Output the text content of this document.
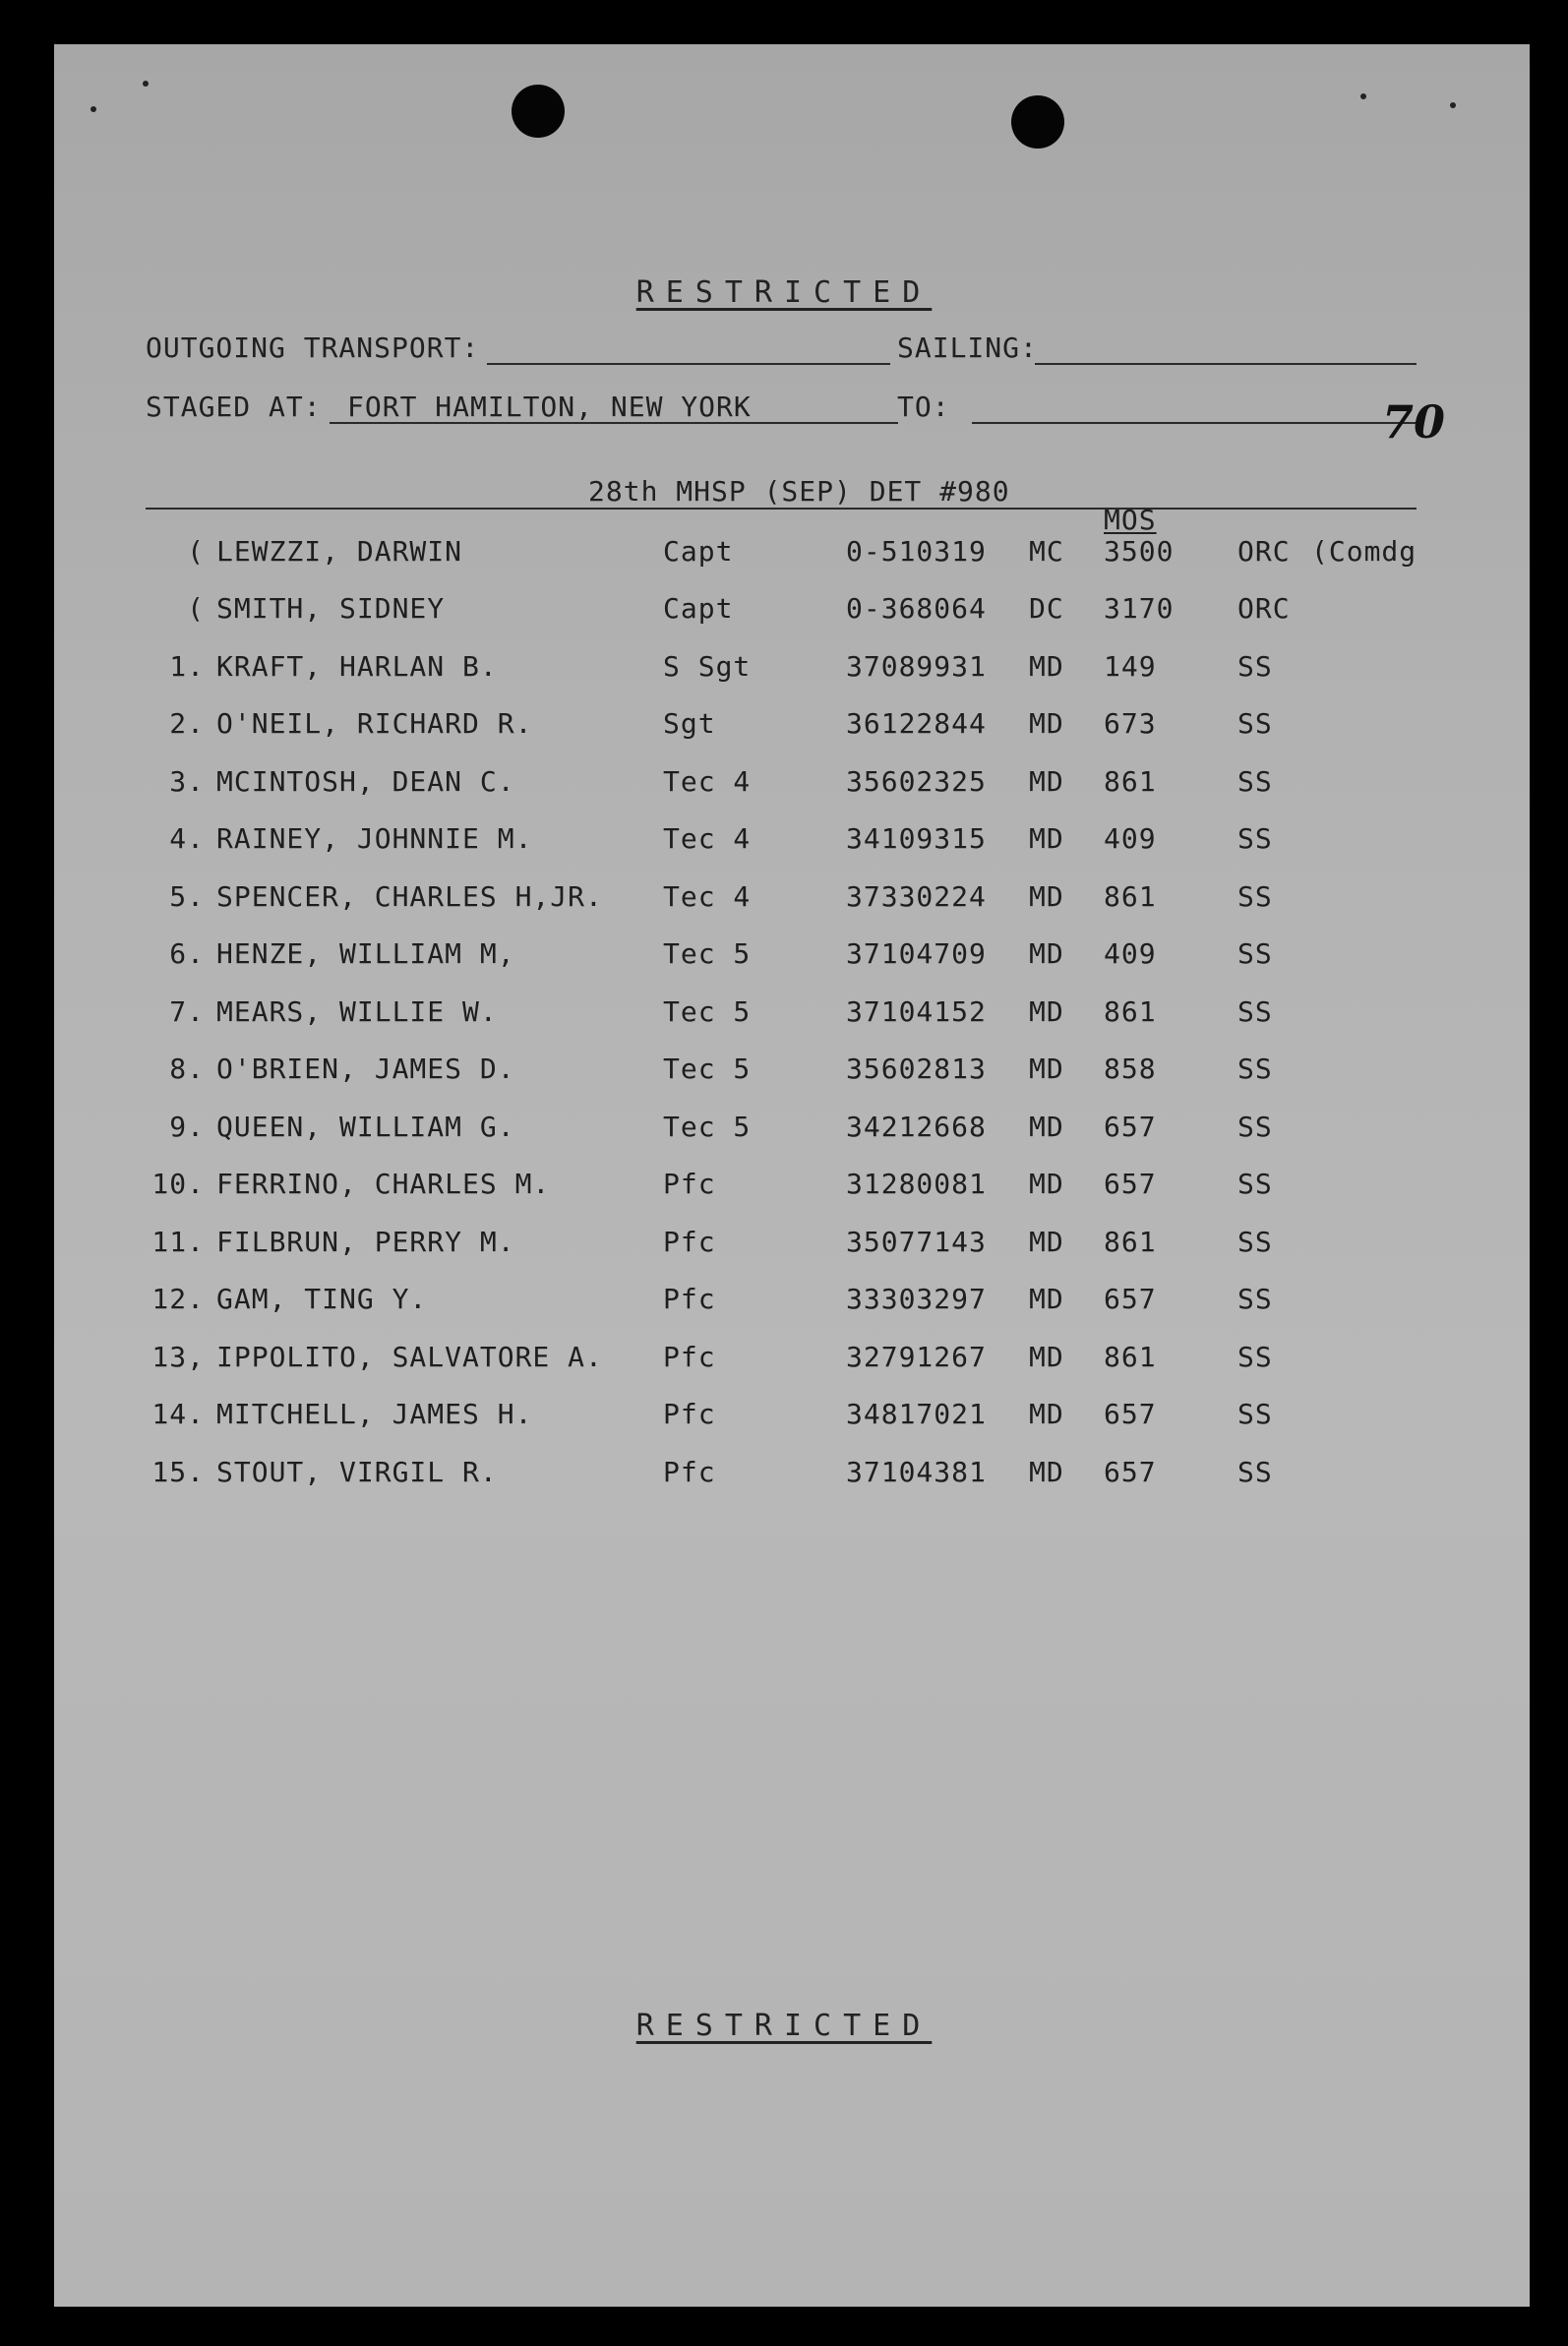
RESTRICTED
OUTGOING TRANSPORT:	SAILING:
STAGED AT: FORT HAMILTON, NEW YORK	TO:	70
28th MHSP (SEP) DET #980
MOS
( LEWZZI, DARWIN	Capt	0-510319 MC 3500 ORC (Comdg
( SMITH, SIDNEY	Capt	0-368064 DC 3170 ORC
1. KRAFT, HARLAN B.	S Sgt	37089931 MD 149	SS
2. O'NEIL, RICHARD R.	Sgt	36122844 MD 673	SS
3. MCINTOSH, DEAN C.	Tec 4	35602325 MD 861	SS
4. RAINEY, JOHNNIE M.	Tec 4	34109315 MD 409	SS
5. SPENCER, CHARLES H,JR. Tec 4	37330224 MD 861	SS
6. HENZE, WILLIAM M,	Tec 5	37104709 MD 409	SS
7. MEARS, WILLIE W.	Tec 5	37104152 MD 861	SS
8. O'BRIEN, JAMES D.	Tec 5	35602813 MD 858	SS
9. QUEEN, WILLIAM G.	Tec 5	34212668 MD 657	SS
10. FERRINO, CHARLES M.	Pfc	31280081 MD 657	SS
11. FILBRUN, PERRY M.	Pfc	35077143 MD 861	SS
12. GAM, TING Y.	Pfc	33303297 MD 657	SS
13, IPPOLITO, SALVATORE A. Pfc	32791267 MD 861	SS
14. MITCHELL, JAMES H.	Pfc	34817021 MD 657	SS
15. STOUT, VIRGIL R.	Pfc	37104381 MD 657	SS
RESTRICTED
